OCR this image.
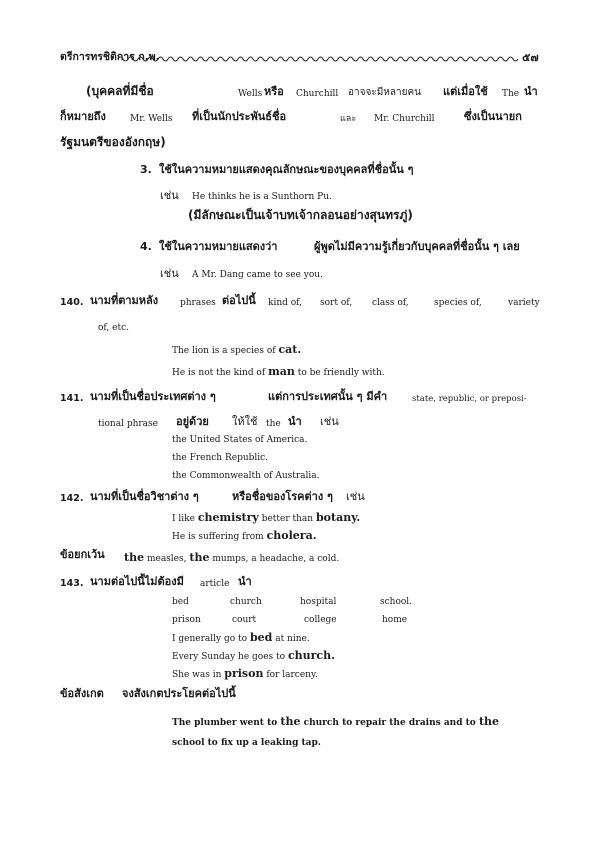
ตรีการทรชิติการ ก.พ.	๕๗
(บุคคลที่มีชื่อ	Wells หรือ Churchill อาจจะมีหลายคน แต่เมื่อใช้ The นำ
ก็หมายถึง	Mr. Wells ที่เป็นนักประพันธ์ชื่อ	และ Mr. Churchill	ซึ่งเป็นนายก
รัฐมนตรีของอังกฤษ)
3. ใช้ในความหมายแสดงคุณลักษณะของบุคคลที่ชื่อนั้น ๆ
เช่น He thinks he is a Sunthorn Pu.
(มีลักษณะเป็นเจ้าบทเจ้ากลอนอย่างสุนทรภู่)
4. ใช้ในความหมายแสดงว่า	ผู้พูดไม่มีความรู้เกี่ยวกับบุคคลที่ชื่อนั้น ๆ เลย
เช่น A Mr. Dang came to see you.
140. นามที่ตามหลัง phrases ต่อไปนี้ kind of, sort of, class of,	species of,	variety
of, etc.
The lion is a species of cat.
He is not the kind of man to be friendly with.
141. นามที่เป็นชื่อประเทศต่าง ๆ	แต่การประเทศนั้น ๆ มีคำ	state, republic, or preposi-
tional phrase อยู่ด้วย ให้ใช้ the นำ เช่น
the United States of America.
the French Republic.
the Commonwealth of Australia.
142. นามที่เป็นชื่อวิชาต่าง ๆ	หรือชื่อของโรคต่าง ๆ เช่น
I like chemistry better than botany.
He is suffering from cholera.
ข้อยกเว้น the measles, the mumps, a headache, a cold.
143. นามต่อไปนี้ไม่ต้องมี article นำ
bed	church	hospital	school.
prison	court	college	home
I generally go to bed at nine.
Every Sunday he goes to church.
She was in prison for larceny.
ข้อสังเกต จงสังเกตประโยคต่อไปนี้
The plumber went to the church to repair the drains and to the
school to fix up a leaking tap.
